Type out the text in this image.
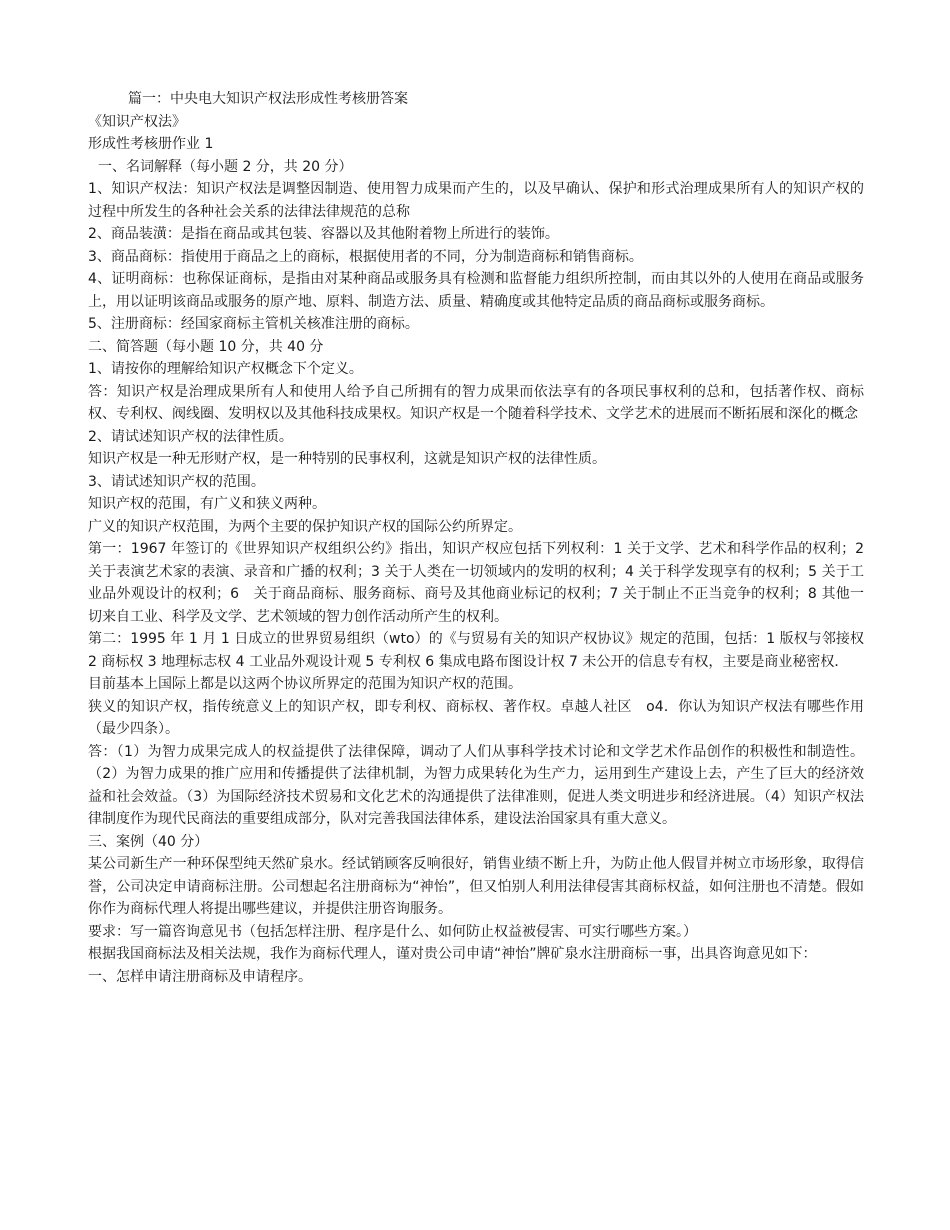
篇一：中央电大知识产权法形成性考核册答案

《知识产权法》

形成性考核册作业 1

一、名词解释（每小题 2 分，共 20 分）

1、知识产权法：知识产权法是调整因制造、使用智力成果而产生的，以及早确认、保护和形式治理成果所有人的知识产权的过程中所发生的各种社会关系的法律法律规范的总称

2、商品装潢：是指在商品或其包装、容器以及其他附着物上所进行的装饰。

3、商品商标：指使用于商品之上的商标，根据使用者的不同，分为制造商标和销售商标。

4、证明商标：也称保证商标，是指由对某种商品或服务具有检测和监督能力组织所控制，而由其以外的人使用在商品或服务上，用以证明该商品或服务的原产地、原料、制造方法、质量、精确度或其他特定品质的商品商标或服务商标。

5、注册商标：经国家商标主管机关核准注册的商标。

二、简答题（每小题 10 分，共 40 分

1、请按你的理解给知识产权概念下个定义。

答：知识产权是治理成果所有人和使用人给予自己所拥有的智力成果而依法享有的各项民事权利的总和，包括著作权、商标权、专利权、阀线圈、发明权以及其他科技成果权。知识产权是一个随着科学技术、文学艺术的进展而不断拓展和深化的概念

2、请试述知识产权的法律性质。

知识产权是一种无形财产权，是一种特别的民事权利，这就是知识产权的法律性质。

3、请试述知识产权的范围。

知识产权的范围，有广义和狭义两种。

广义的知识产权范围，为两个主要的保护知识产权的国际公约所界定。

第一：1967 年签订的《世界知识产权组织公约》指出，知识产权应包括下列权利：1 关于文学、艺术和科学作品的权利；2 关于表演艺术家的表演、录音和广播的权利；3 关于人类在一切领域内的发明的权利；4 关于科学发现享有的权利；5 关于工业品外观设计的权利；6　关于商品商标、服务商标、商号及其他商业标记的权利；7 关于制止不正当竞争的权利；8 其他一切来自工业、科学及文学、艺术领域的智力创作活动所产生的权利。

第二：1995 年 1 月 1 日成立的世界贸易组织（wto）的《与贸易有关的知识产权协议》规定的范围，包括：1 版权与邻接权 2 商标权 3 地理标志权 4 工业品外观设计观 5 专利权 6 集成电路布图设计权 7 未公开的信息专有权，主要是商业秘密权．

目前基本上国际上都是以这两个协议所界定的范围为知识产权的范围。

狭义的知识产权，指传统意义上的知识产权，即专利权、商标权、著作权。卓越人社区　o4．你认为知识产权法有哪些作用（最少四条）。

答：（1）为智力成果完成人的权益提供了法律保障，调动了人们从事科学技术讨论和文学艺术作品创作的积极性和制造性。（2）为智力成果的推广应用和传播提供了法律机制，为智力成果转化为生产力，运用到生产建设上去，产生了巨大的经济效益和社会效益。（3）为国际经济技术贸易和文化艺术的沟通提供了法律准则，促进人类文明进步和经济进展。（4）知识产权法律制度作为现代民商法的重要组成部分，队对完善我国法律体系，建设法治国家具有重大意义。

三、案例（40 分）

某公司新生产一种环保型纯天然矿泉水。经试销顾客反响很好，销售业绩不断上升，为防止他人假冒并树立市场形象，取得信誉，公司决定申请商标注册。公司想起名注册商标为“神怡”，但又怕别人利用法律侵害其商标权益，如何注册也不清楚。假如你作为商标代理人将提出哪些建议，并提供注册咨询服务。

要求：写一篇咨询意见书（包括怎样注册、程序是什么、如何防止权益被侵害、可实行哪些方案。）

根据我国商标法及相关法规，我作为商标代理人，谨对贵公司申请“神怡”牌矿泉水注册商标一事，出具咨询意见如下：

一、怎样申请注册商标及申请程序。
